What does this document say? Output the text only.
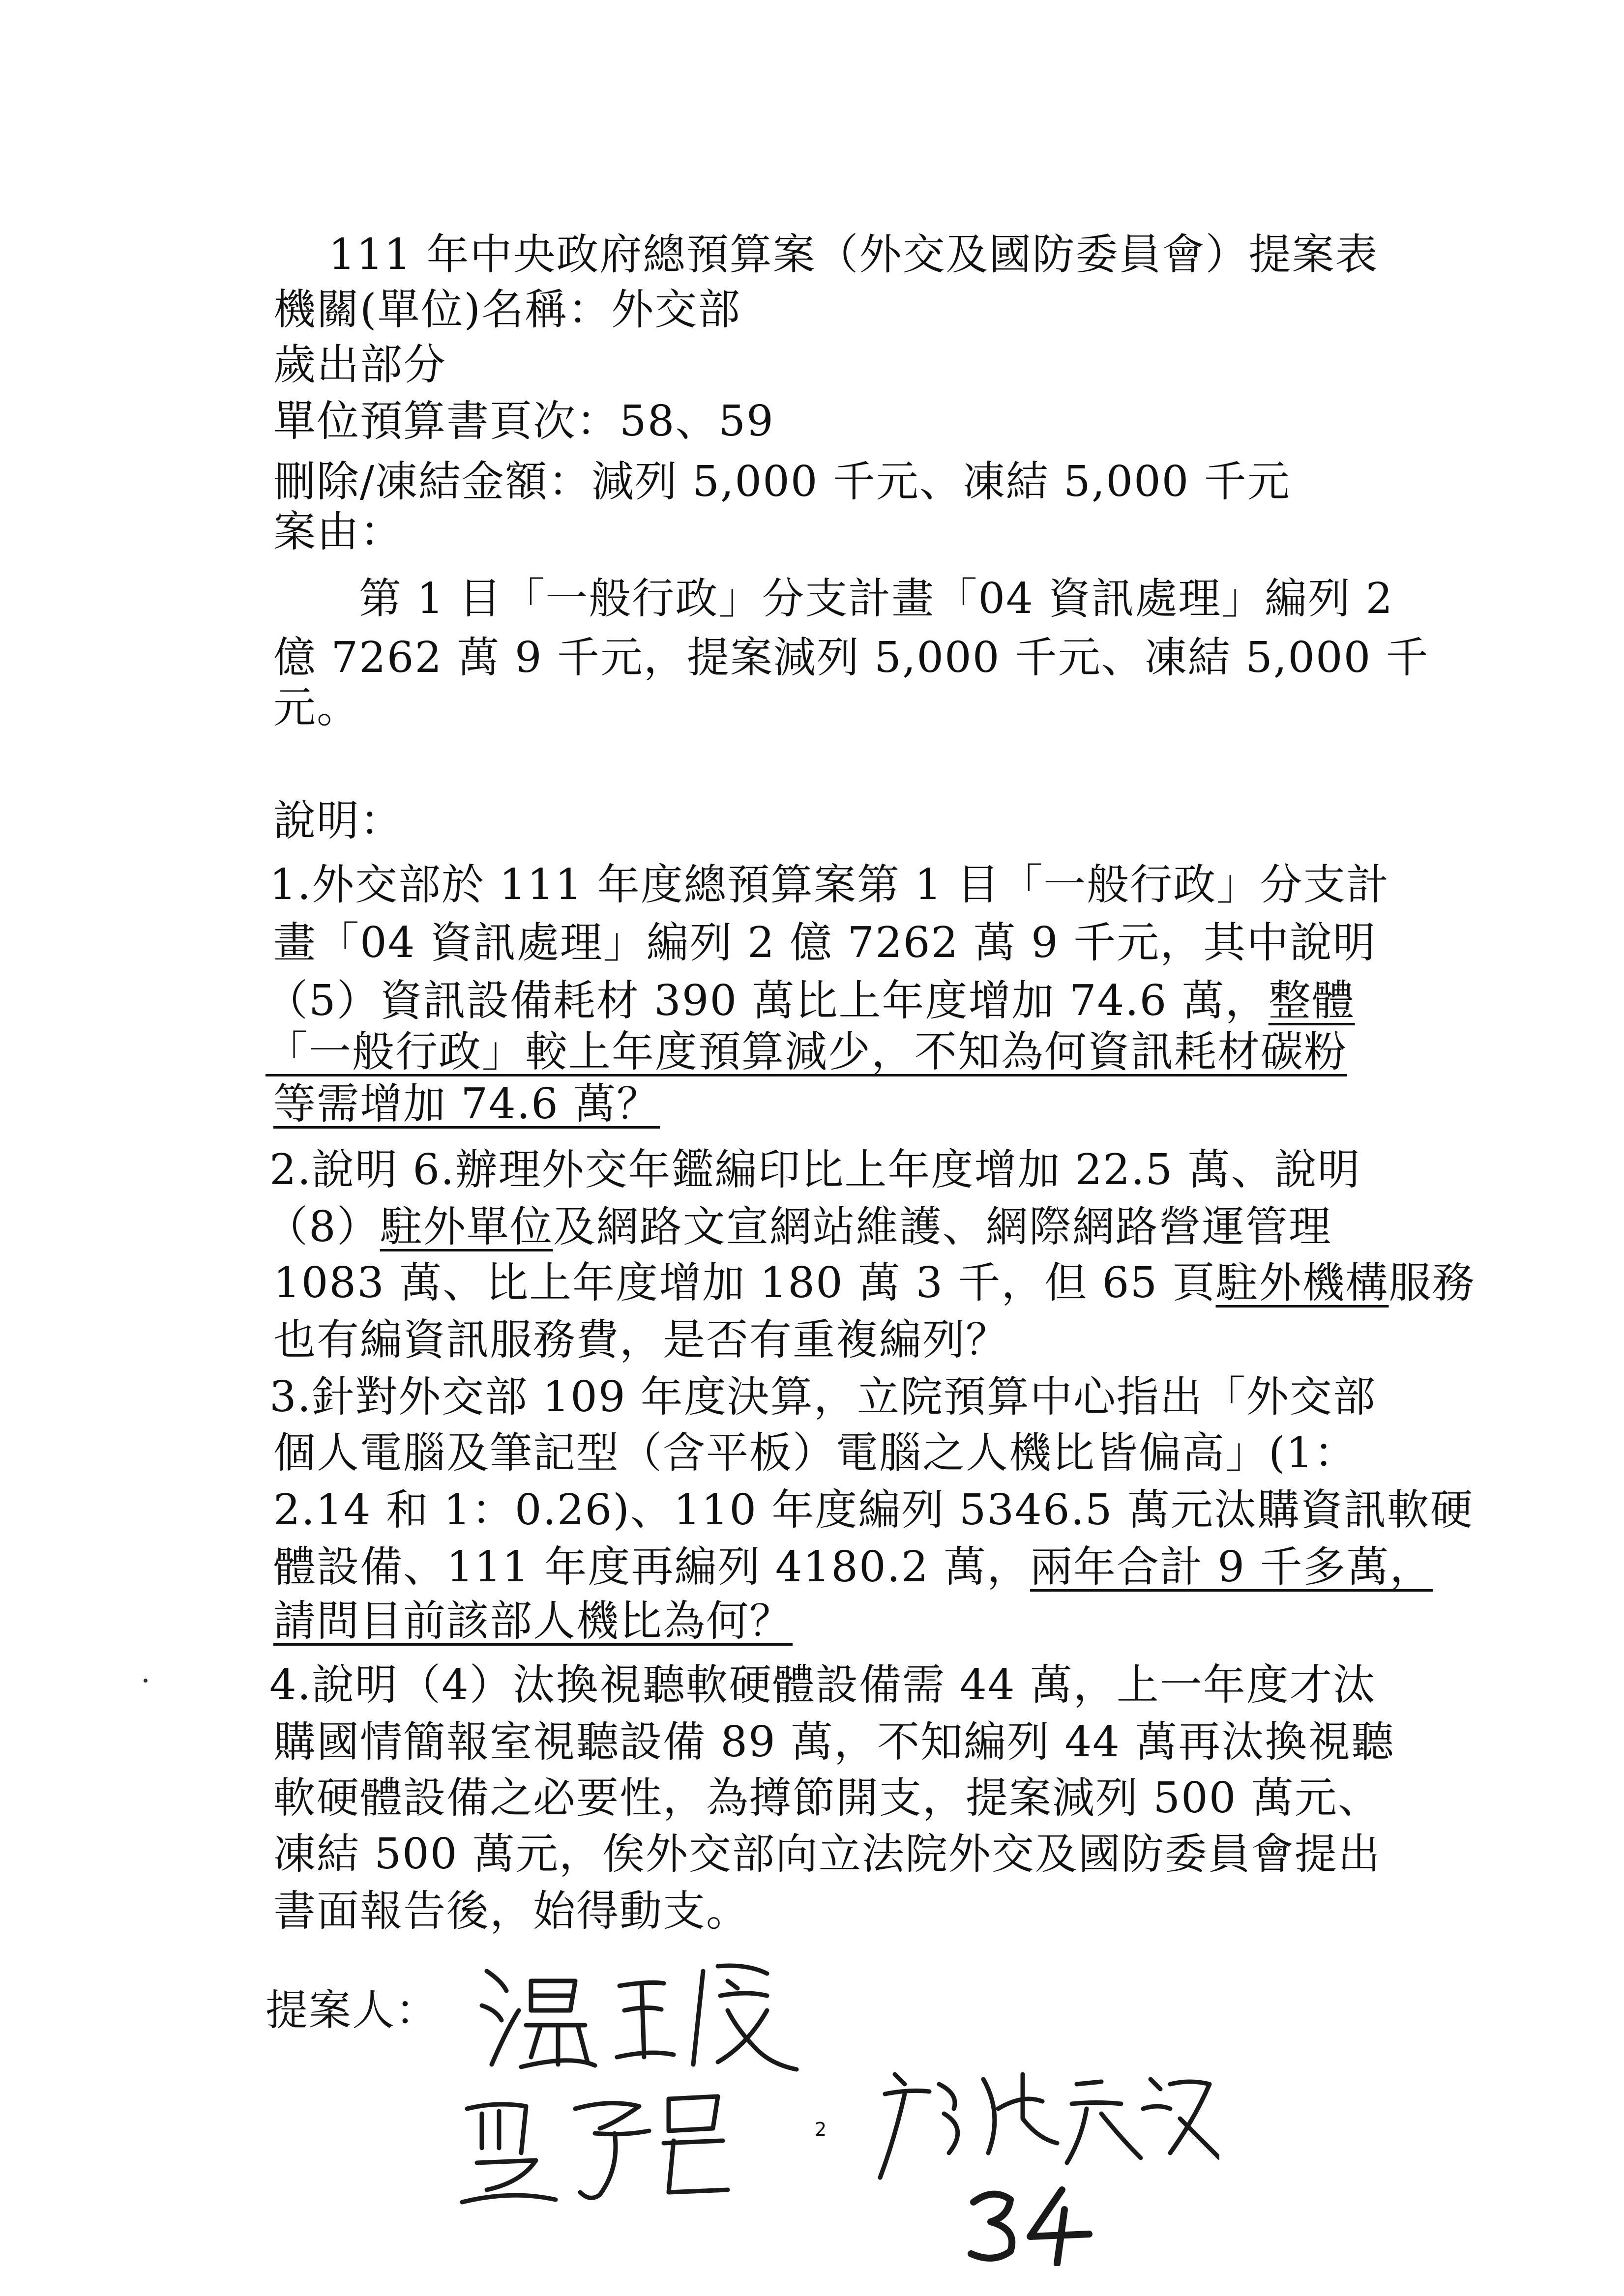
111 年中央政府總預算案（外交及國防委員會）提案表
機關(單位)名稱：外交部
歲出部分
單位預算書頁次：58、59
刪除/凍結金額：減列 5,000 千元、凍結 5,000 千元
案由：
第 1 目「一般行政」分支計畫「04 資訊處理」編列 2
億 7262 萬 9 千元，提案減列 5,000 千元、凍結 5,000 千
元。
說明：
1.外交部於 111 年度總預算案第 1 目「一般行政」分支計
畫「04 資訊處理」編列 2 億 7262 萬 9 千元，其中說明
（5）資訊設備耗材 390 萬比上年度增加 74.6 萬，整體
「一般行政」較上年度預算減少，不知為何資訊耗材碳粉
等需增加 74.6 萬？
2.說明 6.辦理外交年鑑編印比上年度增加 22.5 萬、說明
（8）駐外單位及網路文宣網站維護、網際網路營運管理
1083 萬、比上年度增加 180 萬 3 千，但 65 頁駐外機構服務
也有編資訊服務費，是否有重複編列？
3.針對外交部 109 年度決算，立院預算中心指出「外交部
個人電腦及筆記型（含平板）電腦之人機比皆偏高」(1：
2.14 和 1：0.26)、110 年度編列 5346.5 萬元汰購資訊軟硬
體設備、111 年度再編列 4180.2 萬，兩年合計 9 千多萬，
請問目前該部人機比為何？
4.說明（4）汰換視聽軟硬體設備需 44 萬，上一年度才汰
購國情簡報室視聽設備 89 萬，不知編列 44 萬再汰換視聽
軟硬體設備之必要性，為撙節開支，提案減列 500 萬元、
凍結 500 萬元，俟外交部向立法院外交及國防委員會提出
書面報告後，始得動支。
提案人：
2
